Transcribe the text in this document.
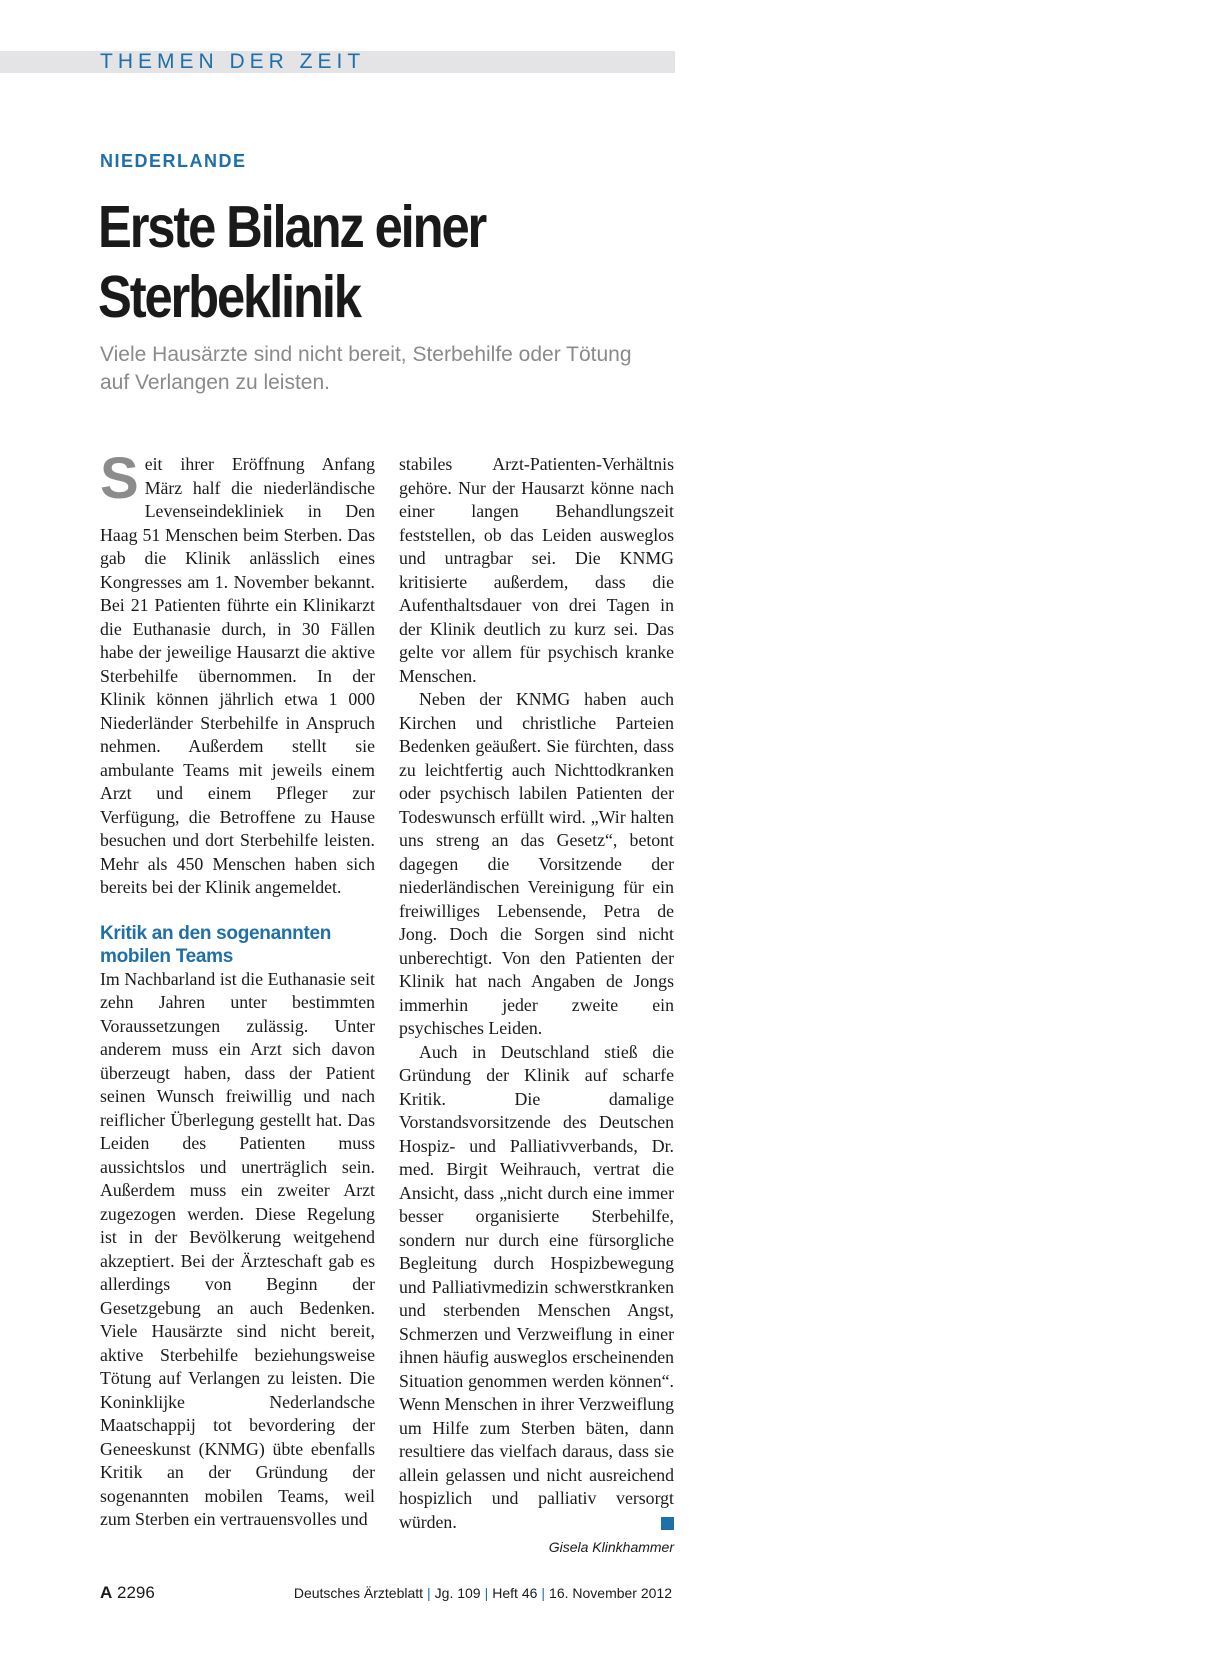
THEMEN DER ZEIT
NIEDERLANDE
Erste Bilanz einer
Sterbeklinik
Viele Hausärzte sind nicht bereit, Sterbehilfe oder Tötung auf Verlangen zu leisten.

Seit ihrer Eröffnung Anfang März half die niederländische Levenseindekliniek in Den Haag 51 Menschen beim Sterben. Das gab die Klinik anlässlich eines Kongresses am 1. November bekannt. Bei 21 Patienten führte ein Klinikarzt die Euthanasie durch, in 30 Fällen habe der jeweilige Hausarzt die aktive Sterbehilfe übernommen. In der Klinik können jährlich etwa 1 000 Niederländer Sterbehilfe in Anspruch nehmen. Außerdem stellt sie ambulante Teams mit jeweils einem Arzt und einem Pfleger zur Verfügung, die Betroffene zu Hause besuchen und dort Sterbehilfe leisten. Mehr als 450 Menschen haben sich bereits bei der Klinik angemeldet.

Kritik an den sogenannten mobilen Teams

Im Nachbarland ist die Euthanasie seit zehn Jahren unter bestimmten Voraussetzungen zulässig. Unter anderem muss ein Arzt sich davon überzeugt haben, dass der Patient seinen Wunsch freiwillig und nach reiflicher Überlegung gestellt hat. Das Leiden des Patienten muss aussichtslos und unerträglich sein. Außerdem muss ein zweiter Arzt zugezogen werden. Diese Regelung ist in der Bevölkerung weitgehend akzeptiert. Bei der Ärzteschaft gab es allerdings von Beginn der Gesetzgebung an auch Bedenken. Viele Hausärzte sind nicht bereit, aktive Sterbehilfe beziehungsweise Tötung auf Verlangen zu leisten. Die Koninklijke Nederlandsche Maatschappij tot bevordering der Geneeskunst (KNMG) übte ebenfalls Kritik an der Gründung der sogenannten mobilen Teams, weil zum Sterben ein vertrauensvolles und

stabiles Arzt-Patienten-Verhältnis gehöre. Nur der Hausarzt könne nach einer langen Behandlungszeit feststellen, ob das Leiden ausweglos und untragbar sei. Die KNMG kritisierte außerdem, dass die Aufenthaltsdauer von drei Tagen in der Klinik deutlich zu kurz sei. Das gelte vor allem für psychisch kranke Menschen.

Neben der KNMG haben auch Kirchen und christliche Parteien Bedenken geäußert. Sie fürchten, dass zu leichtfertig auch Nichttodkranken oder psychisch labilen Patienten der Todeswunsch erfüllt wird. „Wir halten uns streng an das Gesetz“, betont dagegen die Vorsitzende der niederländischen Vereinigung für ein freiwilliges Lebensende, Petra de Jong. Doch die Sorgen sind nicht unberechtigt. Von den Patienten der Klinik hat nach Angaben de Jongs immerhin jeder zweite ein psychisches Leiden.

Auch in Deutschland stieß die Gründung der Klinik auf scharfe Kritik. Die damalige Vorstandsvorsitzende des Deutschen Hospiz- und Palliativverbands, Dr. med. Birgit Weihrauch, vertrat die Ansicht, dass „nicht durch eine immer besser organisierte Sterbehilfe, sondern nur durch eine fürsorgliche Begleitung durch Hospizbewegung und Palliativmedizin schwerstkranken und sterbenden Menschen Angst, Schmerzen und Verzweiflung in einer ihnen häufig ausweglos erscheinenden Situation genommen werden können“. Wenn Menschen in ihrer Verzweiflung um Hilfe zum Sterben bäten, dann resultiere das vielfach daraus, dass sie allein gelassen und nicht ausreichend hospizlich und palliativ versorgt würden.

Gisela Klinkhammer
A 2296	Deutsches Ärzteblatt | Jg. 109 | Heft 46 | 16. November 2012
